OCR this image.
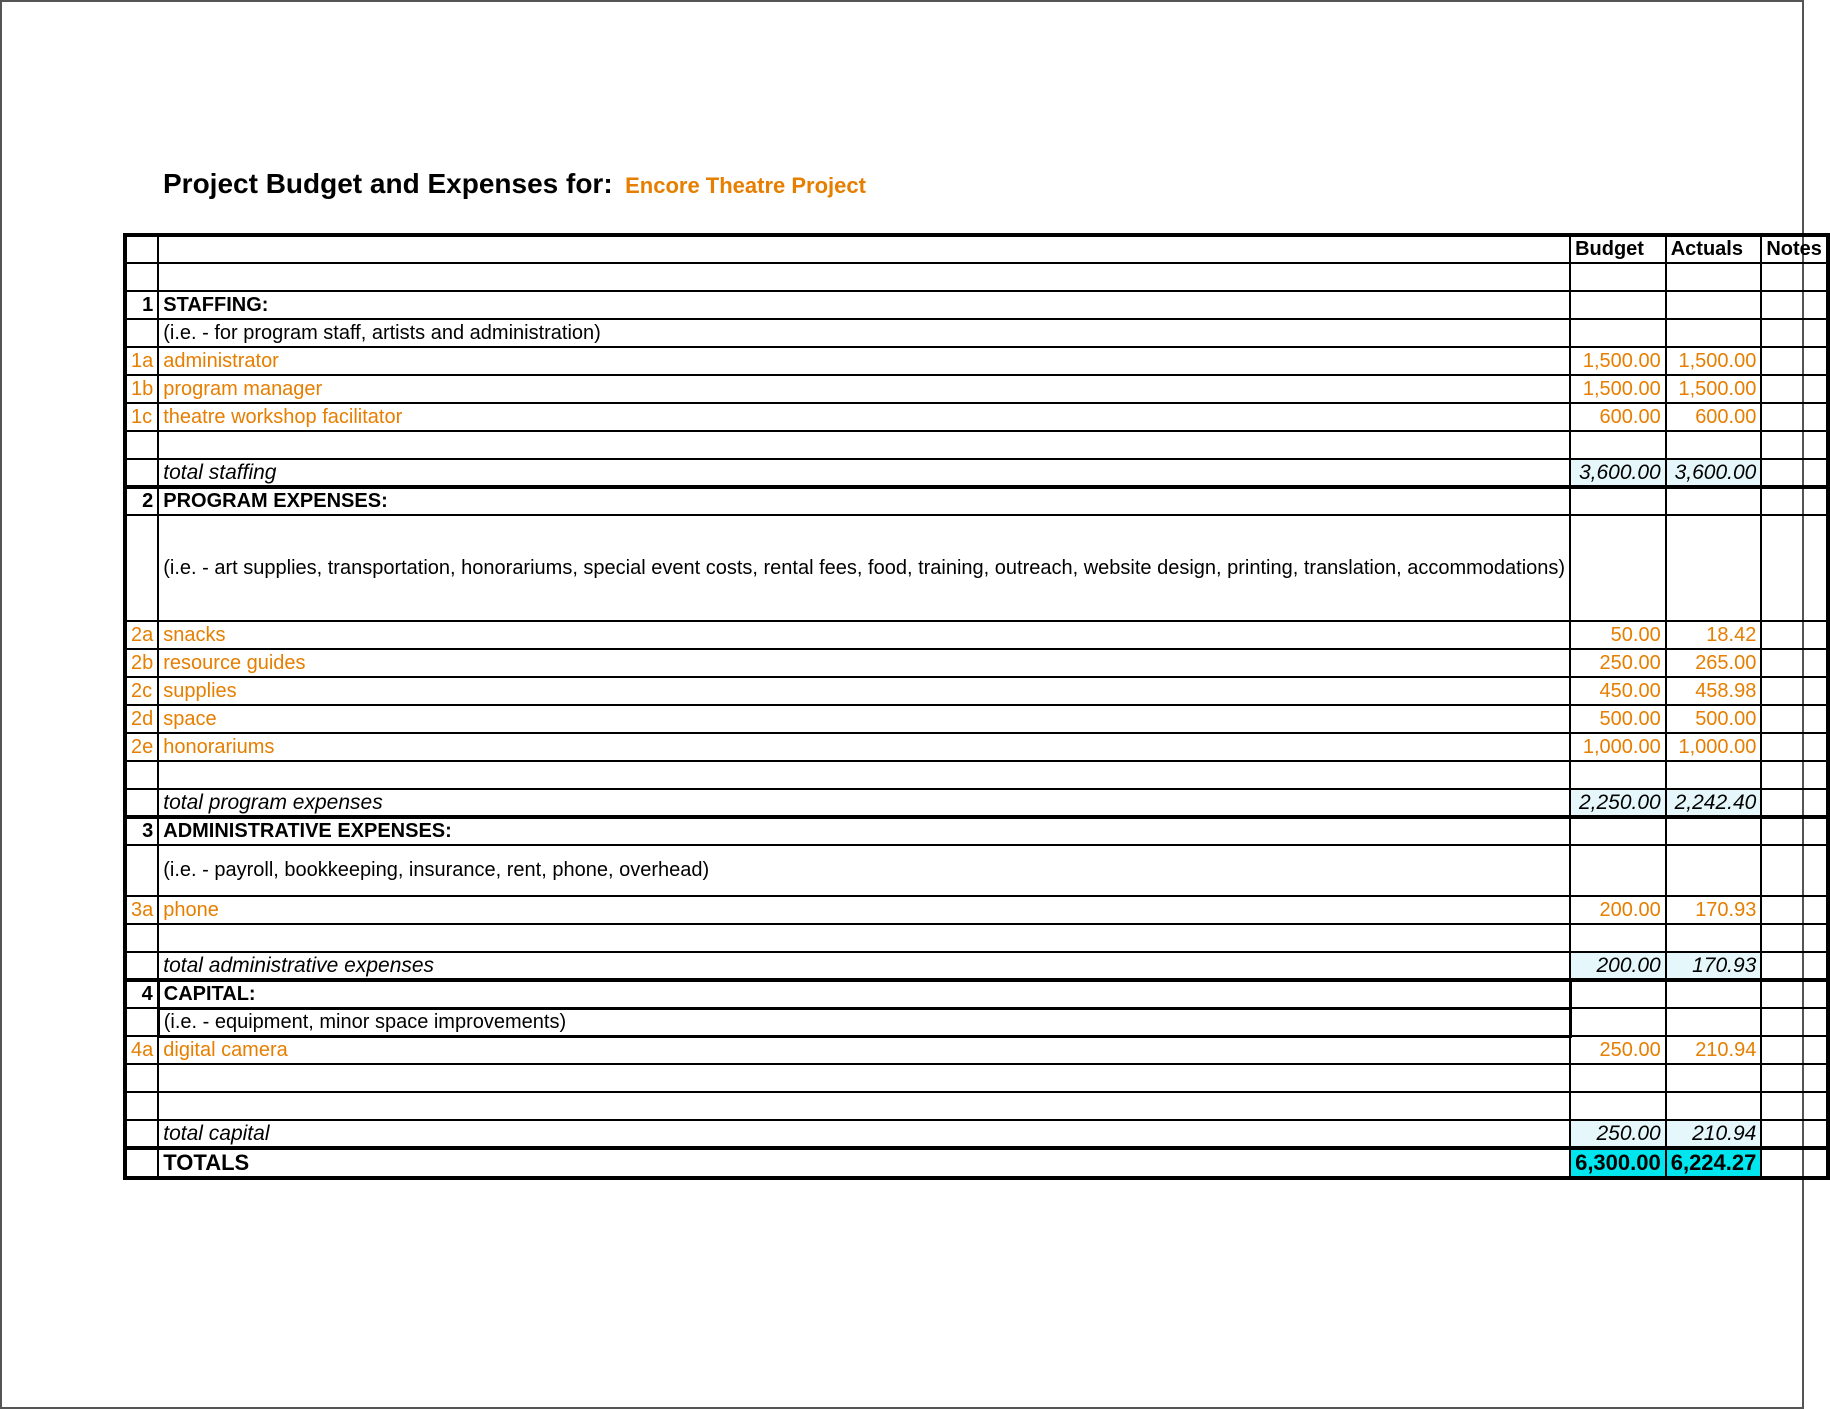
Project Budget and Expenses for: Encore Theatre Project
		Budget	Actuals	Notes

1	STAFFING:			
	(i.e. - for program staff, artists and administration)			
1a	administrator	1,500.00	1,500.00	
1b	program manager	1,500.00	1,500.00	
1c	theatre workshop facilitator	600.00	600.00	

	total staffing	3,600.00	3,600.00	
2	PROGRAM EXPENSES:			
	(i.e. - art supplies, transportation, honorariums, special event costs, rental fees, food, training, outreach, website design, printing, translation, accommodations)			
2a	snacks	50.00	18.42	
2b	resource guides	250.00	265.00	
2c	supplies	450.00	458.98	
2d	space	500.00	500.00	
2e	honorariums	1,000.00	1,000.00	

	total program expenses	2,250.00	2,242.40	
3	ADMINISTRATIVE EXPENSES:			
	(i.e. - payroll, bookkeeping, insurance, rent, phone, overhead)			
3a	phone	200.00	170.93	

	total administrative expenses	200.00	170.93	
4	CAPITAL:			
	(i.e. - equipment, minor space improvements)			
4a	digital camera	250.00	210.94	

	total capital	250.00	210.94	
	TOTALS	6,300.00	6,224.27	
